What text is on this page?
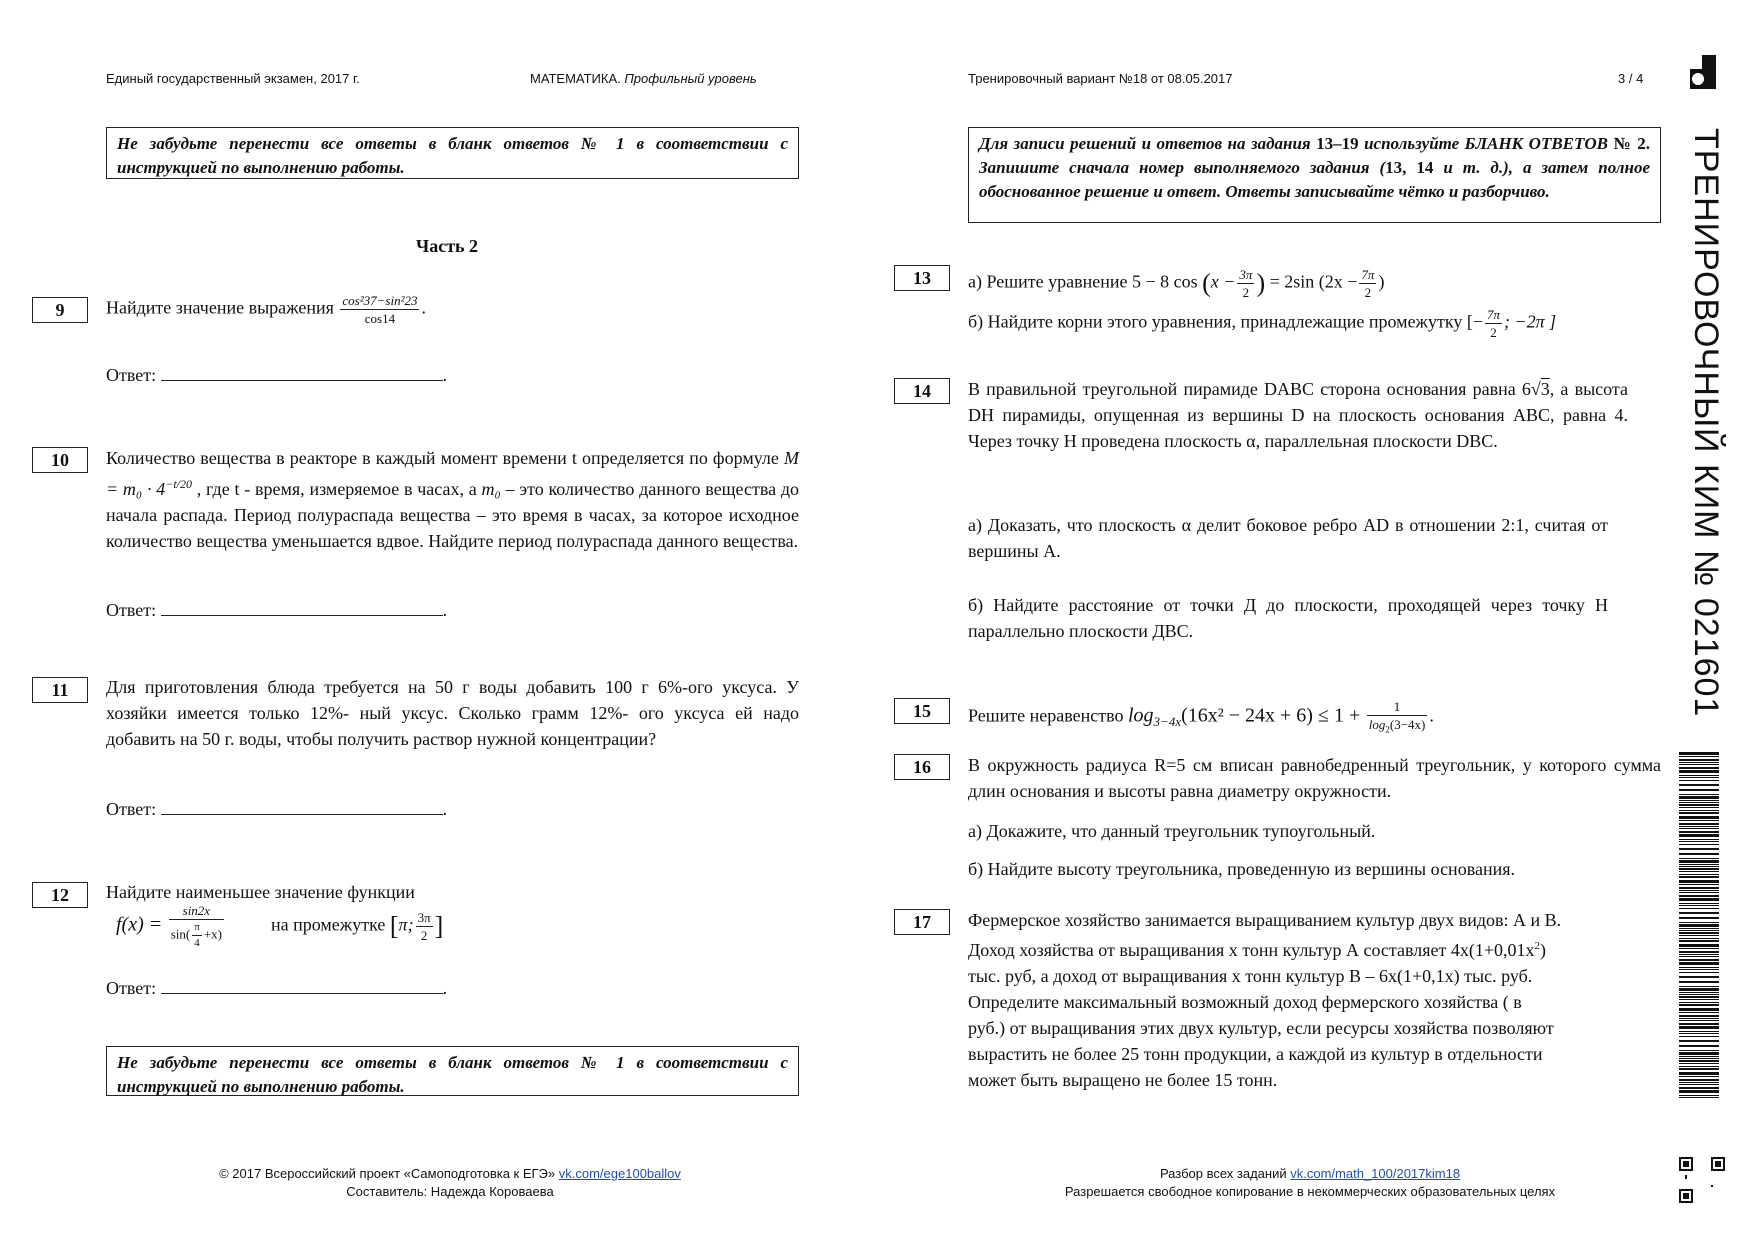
Единый государственный экзамен, 2017 г.	МАТЕМАТИКА. Профильный уровень	Тренировочный вариант №18 от 08.05.2017	3 / 4
Не забудьте перенести все ответы в бланк ответов № 1 в соответствии с инструкцией по выполнению работы.
Часть 2
9	Найдите значение выражения $\frac{\text{cos²37−sin²23}}{\cos 14}$ .
Ответ:	.
10	Количество вещества в реакторе в каждый момент времени t определяется по формуле $M = m_0 \cdot 4^{-t/20}$ , где t - время, измеряемое в часах, а m₀ – это количество данного вещества до начала распада. Период полураспада вещества – это время в часах, за которое исходное количество вещества уменьшается вдвое. Найдите период полураспада данного вещества.
Ответ:	.
11	Для приготовления блюда требуется на 50 г воды добавить 100 г 6%-ого уксуса. У хозяйки имеется только 12%- ный уксус. Сколько грамм 12%- ого уксуса ей надо добавить на 50 г. воды, чтобы получить раствор нужной концентрации?
Ответ:	.
12	Найдите наименьшее значение функции
$f(x) = \frac{\sin 2x}{\sin( \frac{\pi}{4} +x)}$	на промежутке [π; $\frac{3\pi}{2}$ ]
Ответ:	.
Не забудьте перенести все ответы в бланк ответов № 1 в соответствии с инструкцией по выполнению работы.
Для записи решений и ответов на задания 13–19 используйте БЛАНК ОТВЕТОВ № 2. Запишите сначала номер выполняемого задания (13, 14 и т. д.), а затем полное обоснованное решение и ответ. Ответы записывайте чётко и разборчиво.
13	а) Решите уравнение 5 − 8 $\cos (x - \frac{3\pi}{2}$ ) = 2sin ($2x - \frac{7\pi}{2}$ )
б) Найдите корни этого уравнения, принадлежащие промежутку [− $\frac{7\pi}{2}$ ; −2π ]
14	В правильной треугольной пирамиде DABC сторона основания равна 6√3, а высота DH пирамиды, опущенная из вершины D на плоскость основания ABC, равна 4. Через точку H проведена плоскость α, параллельная плоскости DBC.
а) Доказать, что плоскость α делит боковое ребро AD в отношении 2:1, считая от вершины А.
б) Найдите расстояние от точки Д до плоскости, проходящей через точку Н параллельно плоскости ДВС.
15	Решите неравенство $\log_{3-4x}(16x^2 - 24x + 6) \le 1 + \frac{1}{\log_2(3-4x)}$ .
16	В окружность радиуса R=5 см вписан равнобедренный треугольник, у которого сумма длин основания и высоты равна диаметру окружности.
а) Докажите, что данный треугольник тупоугольный.
б) Найдите высоту треугольника, проведенную из вершины основания.
17	Фермерское хозяйство занимается выращиванием культур двух видов: А и В.
Доход хозяйства от выращивания х тонн культур А составляет $4х(1+0,01х^2)$
тыс. руб, а доход от выращивания х тонн культур В – 6х(1+0,1х) тыс. руб.
Определите максимальный возможный доход фермерского хозяйства ( в
руб.) от выращивания этих двух культур, если ресурсы хозяйства позволяют
вырастить не более 25 тонн продукции, а каждой из культур в отдельности
может быть выращено не более 15 тонн.
© 2017 Всероссийский проект «Самоподготовка к ЕГЭ» vk.com/ege100ballov
Составитель: Надежда Короваева
Разбор всех заданий vk.com/math_100/2017kim18
Разрешается свободное копирование в некоммерческих образовательных целях
ТРЕНИРОВОЧНЫЙ КИМ № 021601
